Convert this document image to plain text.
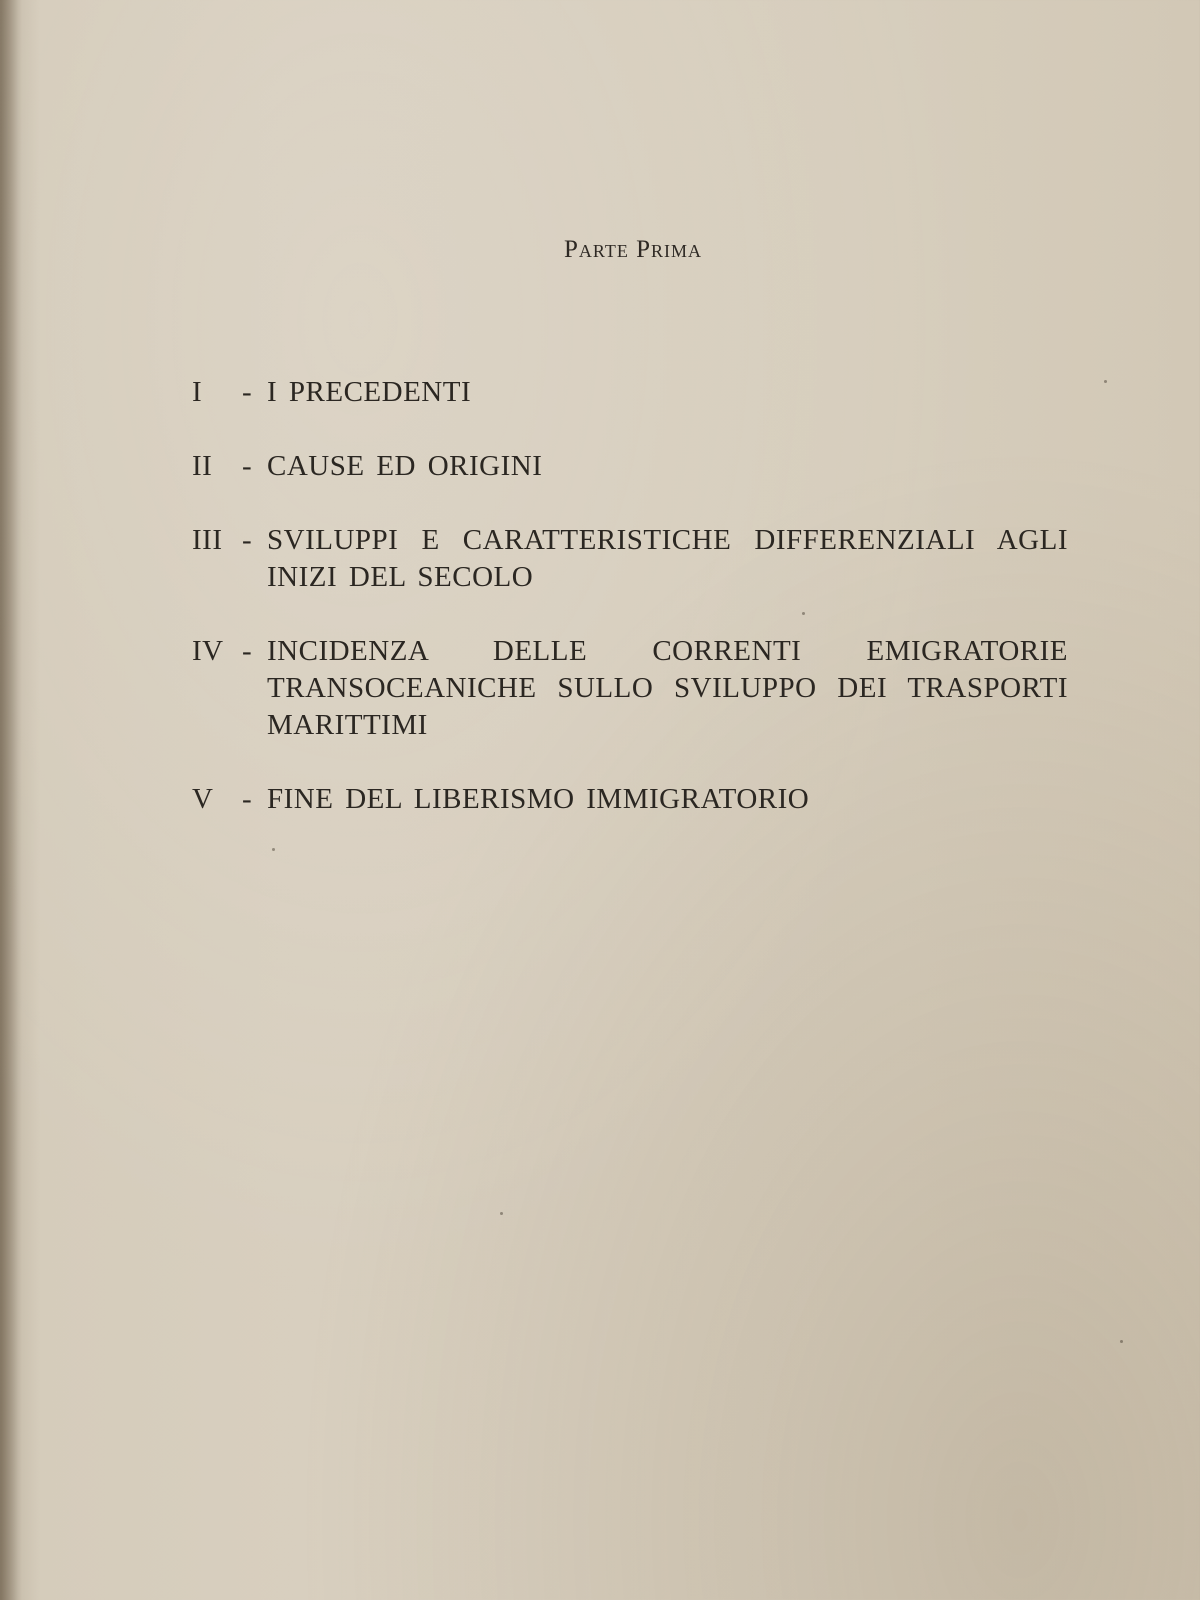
Parte Prima
I	- I PRECEDENTI
II	- CAUSE ED ORIGINI
III - SVILUPPI E CARATTERISTICHE DIFFERENZIALI AGLI INIZI DEL SECOLO
IV - INCIDENZA DELLE CORRENTI EMIGRATORIE TRANSOCEANICHE SULLO SVILUPPO DEI TRASPORTI MARITTIMI
V - FINE DEL LIBERISMO IMMIGRATORIO
